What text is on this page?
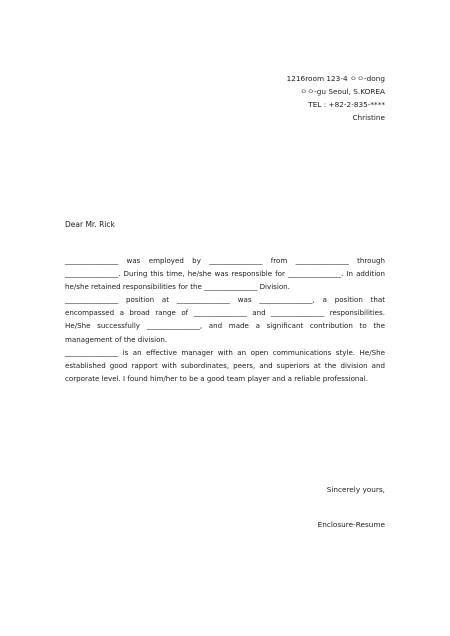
1216room 123-4 ㅇㅇ-dong
ㅇㅇ-gu Seoul, S.KOREA
TEL : +82-2-835-****
Christine
Dear Mr. Rick

_______________ was employed by _______________ from _______________ through _______________. During this time, he/she was responsible for _______________. In addition he/she retained responsibilities for the _______________ Division.

_______________ position at _______________ was _______________, a position that encompassed a broad range of _______________ and _______________ responsibilities. He/She successfully _______________, and made a significant contribution to the management of the division.

_______________ is an effective manager with an open communications style. He/She established good rapport with subordinates, peers, and superiors at the division and corporate level. I found him/her to be a good team player and a reliable professional.

Sincerely yours,
Enclosure-Resume
